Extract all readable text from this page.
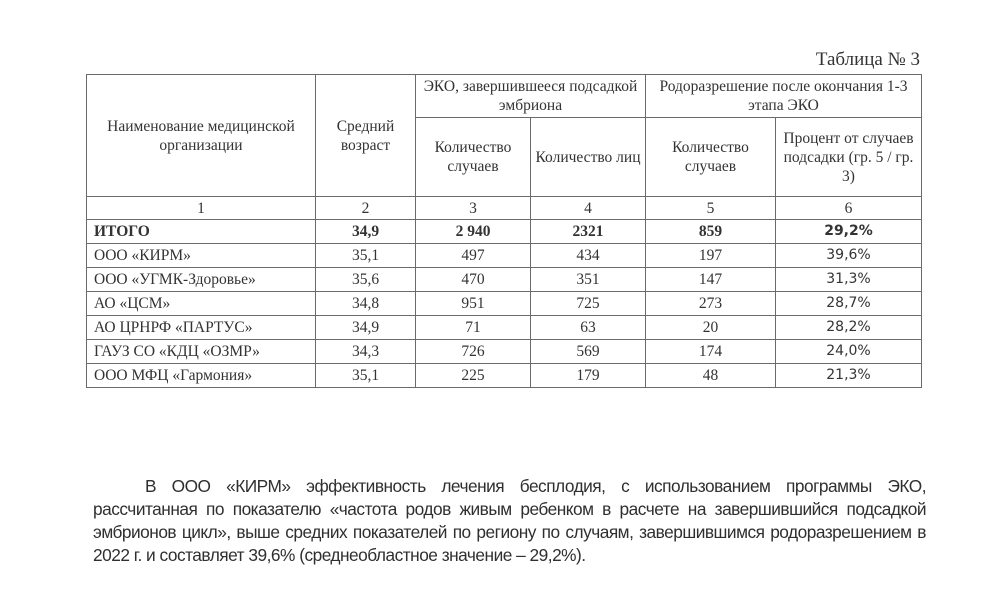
Таблица № 3
Наименование медицинской организации	Средний возраст	ЭКО, завершившееся подсадкой эмбриона		Родоразрешение после окончания 1-3 этапа ЭКО	
		Количество случаев	Количество лиц	Количество случаев	Процент от случаев подсадки (гр. 5 / гр. 3)
1	2	3	4	5	6
ИТОГО	34,9	2 940	2321	859	29,2%
ООО «КИРМ»	35,1	497	434	197	39,6%
ООО «УГМК-Здоровье»	35,6	470	351	147	31,3%
АО «ЦСМ»	34,8	951	725	273	28,7%
АО ЦРНРФ «ПАРТУС»	34,9	71	63	20	28,2%
ГАУЗ СО «КДЦ «ОЗМР»	34,3	726	569	174	24,0%
ООО МФЦ «Гармония»	35,1	225	179	48	21,3%

В ООО «КИРМ» эффективность лечения бесплодия, с использованием программы ЭКО, рассчитанная по показателю «частота родов живым ребенком в расчете на завершившийся подсадкой эмбрионов цикл», выше средних показателей по региону по случаям, завершившимся родоразрешением в 2022 г. и составляет 39,6% (среднеобластное значение – 29,2%).
